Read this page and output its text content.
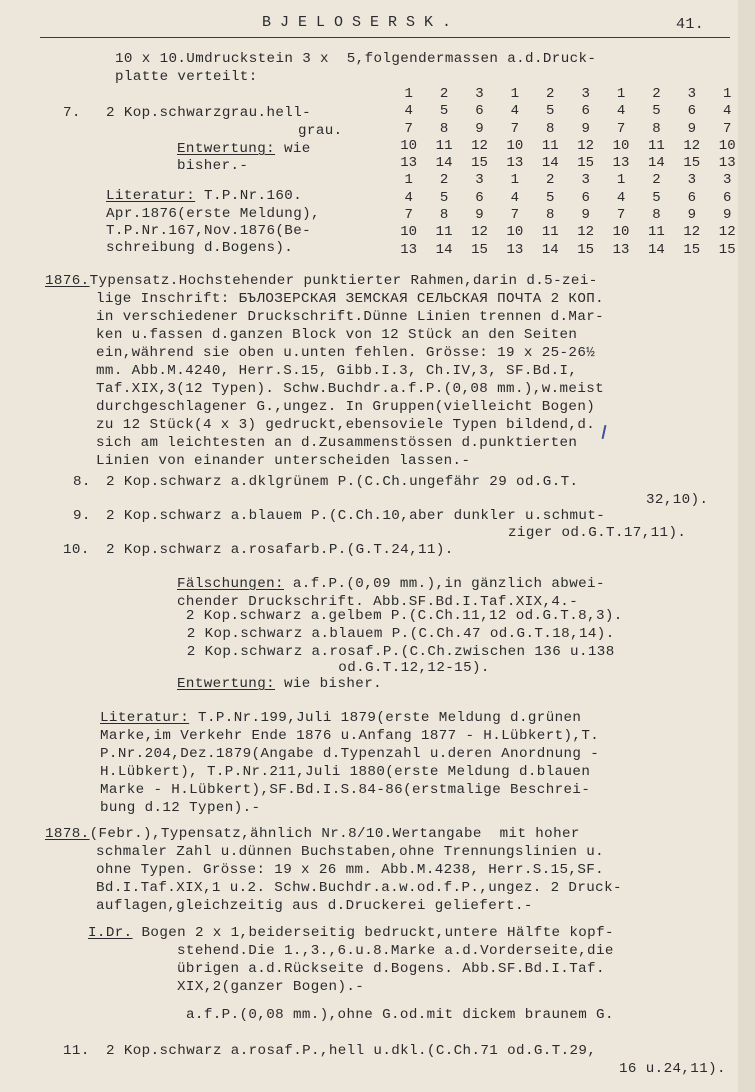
BJELOSERSK.	41.
10 x 10.Umdruckstein 3 x  5,folgendermassen a.d.Druck-
platte verteilt:
7. 2 Kop.schwarzgrau.hell-
grau.
Entwertung: wie
bisher.-
Literatur: T.P.Nr.160.
Apr.1876(erste Meldung),
T.P.Nr.167,Nov.1876(Be-
schreibung d.Bogens).
1	2	3	1	2	3	1	2	3	1
4	5	6	4	5	6	4	5	6	4
7	8	9	7	8	9	7	8	9	7
10	11	12	10	11	12	10	11	12	10
13	14	15	13	14	15	13	14	15	13
1	2	3	1	2	3	1	2	3	3
4	5	6	4	5	6	4	5	6	6
7	8	9	7	8	9	7	8	9	9
10	11	12	10	11	12	10	11	12	12
13	14	15	13	14	15	13	14	15	15
1876.Typensatz.Hochstehender punktierter Rahmen,darin d.5-zei-
lige Inschrift: БЪЛОЗЕРСКАЯ ЗЕМСКАЯ СЕЛЬСКАЯ ПОЧТА 2 КОП.
in verschiedener Druckschrift.Dünne Linien trennen d.Mar-
ken u.fassen d.ganzen Block von 12 Stück an den Seiten
ein,während sie oben u.unten fehlen. Grösse: 19 x 25-26½
mm. Abb.M.4240, Herr.S.15, Gibb.I.3, Ch.IV,3, SF.Bd.I,
Taf.XIX,3(12 Typen). Schw.Buchdr.a.f.P.(0,08 mm.),w.meist
durchgeschlagener G.,ungez. In Gruppen(vielleicht Bogen)
zu 12 Stück(4 x 3) gedruckt,ebensoviele Typen bildend,d.
sich am leichtesten an d.Zusammenstössen d.punktierten
Linien von einander unterscheiden lassen.-
8. 2 Kop.schwarz a.dklgrünem P.(C.Ch.ungefähr 29 od.G.T.
32,10).
9. 2 Kop.schwarz a.blauem P.(C.Ch.10,aber dunkler u.schmut-
ziger od.G.T.17,11).
10. 2 Kop.schwarz a.rosafarb.P.(G.T.24,11).
Fälschungen: a.f.P.(0,09 mm.),in gänzlich abwei-
chender Druckschrift. Abb.SF.Bd.I.Taf.XIX,4.-
2 Kop.schwarz a.gelbem P.(C.Ch.11,12 od.G.T.8,3).
2 Kop.schwarz a.blauem P.(C.Ch.47 od.G.T.18,14).
2 Kop.schwarz a.rosaf.P.(C.Ch.zwischen 136 u.138
od.G.T.12,12-15).
Entwertung: wie bisher.
Literatur: T.P.Nr.199,Juli 1879(erste Meldung d.grünen
Marke,im Verkehr Ende 1876 u.Anfang 1877 - H.Lübkert),T.
P.Nr.204,Dez.1879(Angabe d.Typenzahl u.deren Anordnung -
H.Lübkert), T.P.Nr.211,Juli 1880(erste Meldung d.blauen
Marke - H.Lübkert),SF.Bd.I.S.84-86(erstmalige Beschrei-
bung d.12 Typen).-
1878.(Febr.),Typensatz,ähnlich Nr.8/10.Wertangabe  mit hoher
schmaler Zahl u.dünnen Buchstaben,ohne Trennungslinien u.
ohne Typen. Grösse: 19 x 26 mm. Abb.M.4238, Herr.S.15,SF.
Bd.I.Taf.XIX,1 u.2. Schw.Buchdr.a.w.od.f.P.,ungez. 2 Druck-
auflagen,gleichzeitig aus d.Druckerei geliefert.-
I.Dr. Bogen 2 x 1,beiderseitig bedruckt,untere Hälfte kopf-
stehend.Die 1.,3.,6.u.8.Marke a.d.Vorderseite,die
übrigen a.d.Rückseite d.Bogens. Abb.SF.Bd.I.Taf.
XIX,2(ganzer Bogen).-
a.f.P.(0,08 mm.),ohne G.od.mit dickem braunem G.
11. 2 Kop.schwarz a.rosaf.P.,hell u.dkl.(C.Ch.71 od.G.T.29,
16 u.24,11).
